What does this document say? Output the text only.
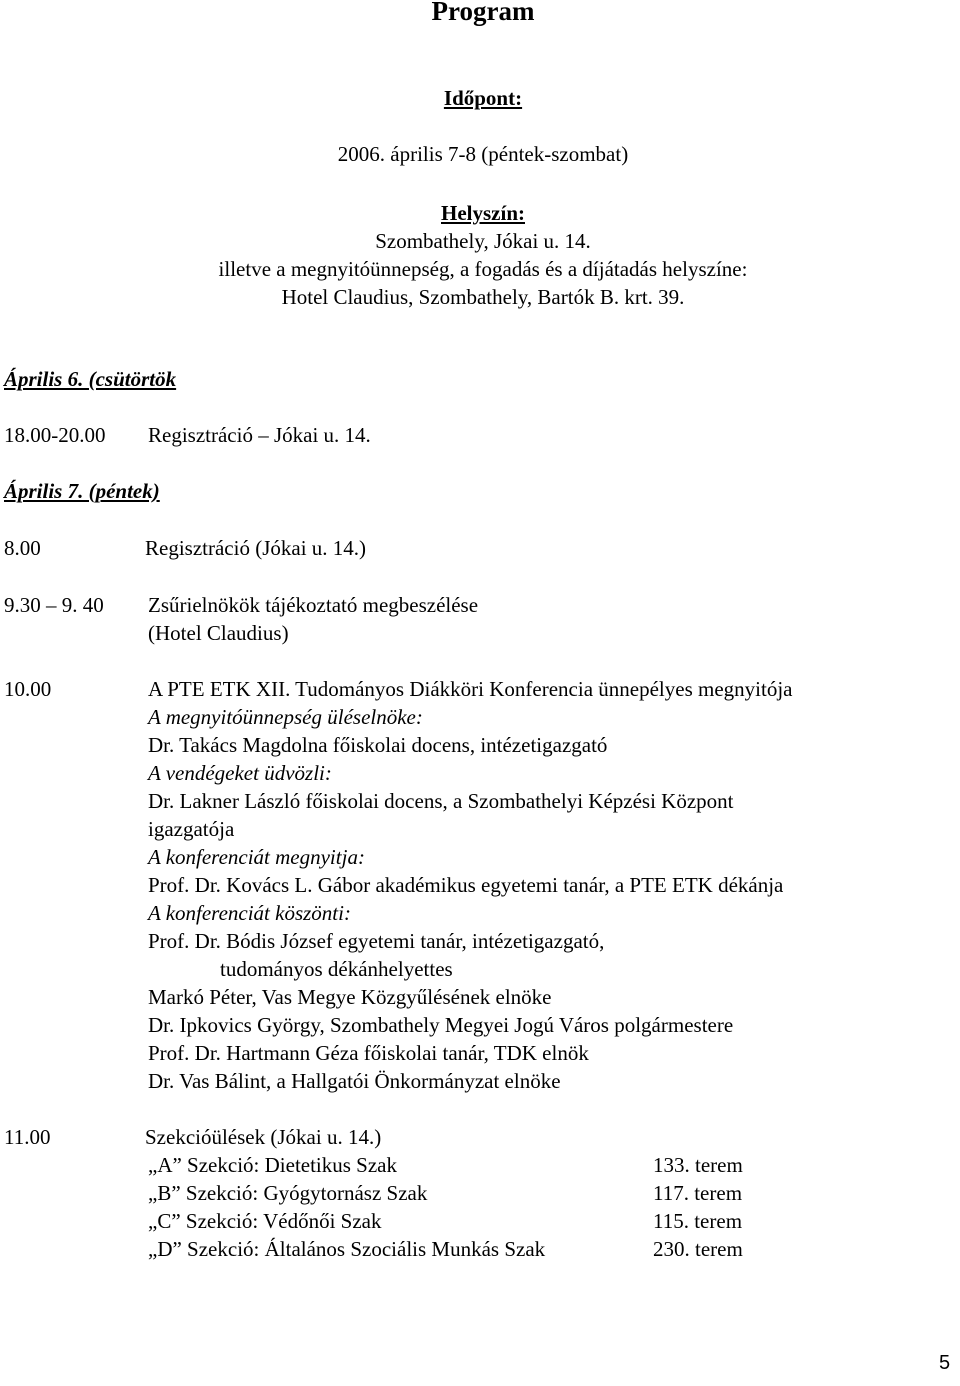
Program
Időpont:
2006. április 7-8 (péntek-szombat)
Helyszín:
Szombathely, Jókai u. 14.
illetve a megnyitóünnepség, a fogadás és a díjátadás helyszíne:
Hotel Claudius, Szombathely, Bartók B. krt. 39.
Április 6. (csütörtök
18.00-20.00 Regisztráció – Jókai u. 14.
Április 7. (péntek)
8.00	Regisztráció (Jókai u. 14.)
9.30 – 9. 40 Zsűrielnökök tájékoztató megbeszélése
(Hotel Claudius)
10.00	A PTE ETK XII. Tudományos Diákköri Konferencia ünnepélyes megnyitója
A megnyitóünnepség üléselnöke:
Dr. Takács Magdolna főiskolai docens, intézetigazgató
A vendégeket üdvözli:
Dr. Lakner László főiskolai docens, a Szombathelyi Képzési Központ
igazgatója
A konferenciát megnyitja:
Prof. Dr. Kovács L. Gábor akadémikus egyetemi tanár, a PTE ETK dékánja
A konferenciát köszönti:
Prof. Dr. Bódis József egyetemi tanár, intézetigazgató,
tudományos dékánhelyettes
Markó Péter, Vas Megye Közgyűlésének elnöke
Dr. Ipkovics György, Szombathely Megyei Jogú Város polgármestere
Prof. Dr. Hartmann Géza főiskolai tanár, TDK elnök
Dr. Vas Bálint, a Hallgatói Önkormányzat elnöke
11.00	Szekcióülések (Jókai u. 14.)
„A” Szekció: Dietetikus Szak	133. terem
„B” Szekció: Gyógytornász Szak	117. terem
„C” Szekció: Védőnői Szak	115. terem
„D” Szekció: Általános Szociális Munkás Szak	230. terem
5
